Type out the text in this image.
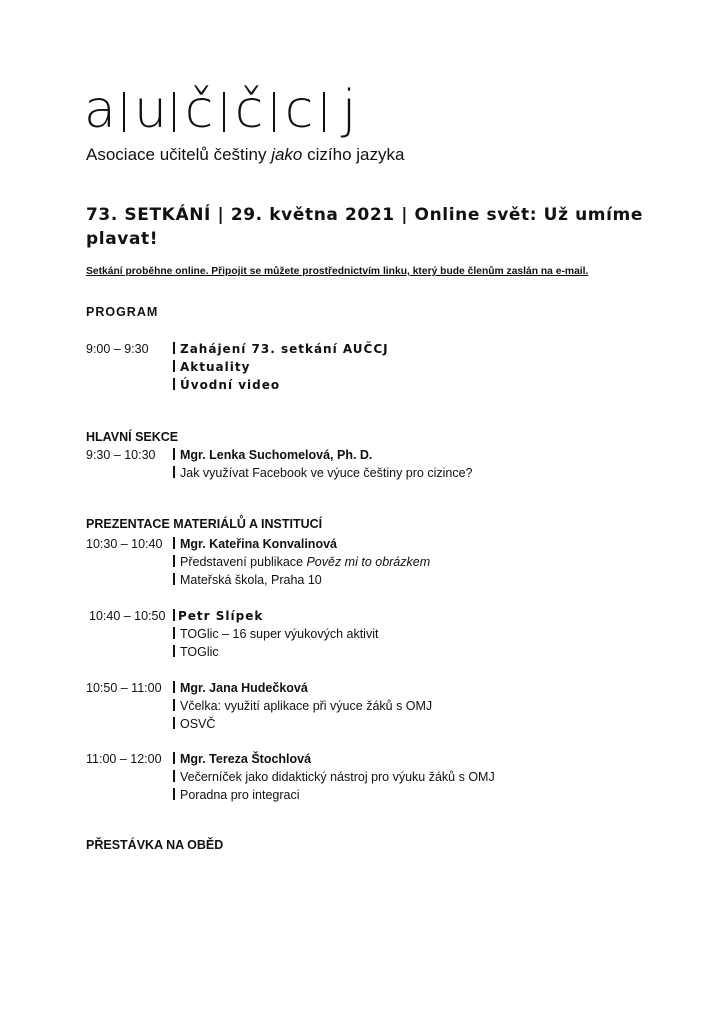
a u č č c j
Asociace učitelů češtiny jako cizího jazyka
73. SETKÁNÍ | 29. května 2021 | Online svět: Už umíme plavat!
Setkání proběhne online. Připojit se můžete prostřednictvím linku, který bude členům zaslán na e-mail.
PROGRAM
9:00 – 9:30	Zahájení 73. setkání AUČCJ
Aktuality
Úvodní video
HLAVNÍ SEKCE
9:30 – 10:30	Mgr. Lenka Suchomelová, Ph. D.
Jak využívat Facebook ve výuce češtiny pro cizince?
PREZENTACE MATERIÁLŮ A INSTITUCÍ
10:30 – 10:40	Mgr. Kateřina Konvalinová
Představení publikace Pověz mi to obrázkem
Mateřská škola, Praha 10
10:40 – 10:50	Petr Slípek
TOGlic – 16 super výukových aktivit
TOGlic
10:50 – 11:00	Mgr. Jana Hudečková
Včelka: využití aplikace při výuce žáků s OMJ
OSVČ
11:00 – 12:00	Mgr. Tereza Štochlová
Večerníček jako didaktický nástroj pro výuku žáků s OMJ
Poradna pro integraci
PŘESTÁVKA NA OBĚD
